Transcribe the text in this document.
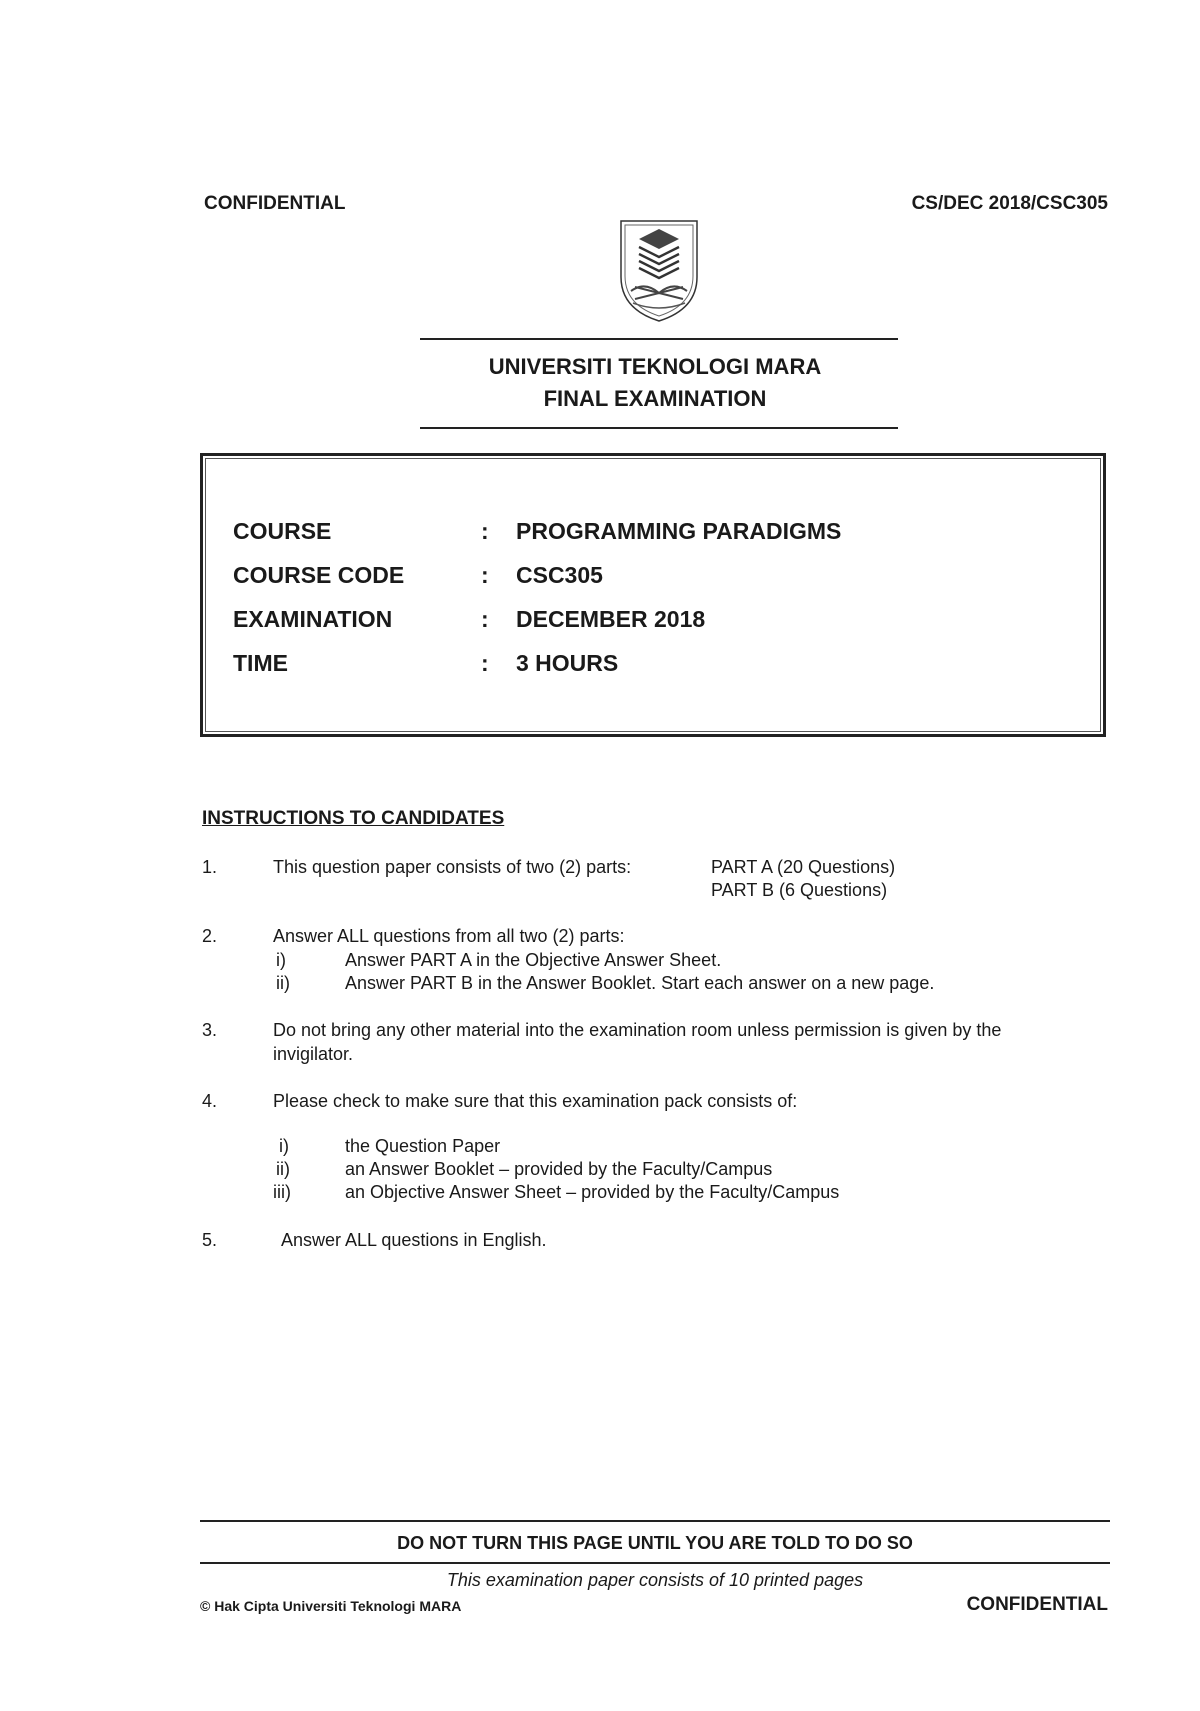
CONFIDENTIAL	CS/DEC 2018/CSC305
UNIVERSITI TEKNOLOGI MARA
FINAL EXAMINATION
COURSE	: PROGRAMMING PARADIGMS
COURSE CODE	: CSC305
EXAMINATION	: DECEMBER 2018
TIME	: 3 HOURS
INSTRUCTIONS TO CANDIDATES
1.	This question paper consists of two (2) parts:	PART A (20 Questions)
PART B (6 Questions)
2.	Answer ALL questions from all two (2) parts:
i)	Answer PART A in the Objective Answer Sheet.
ii)	Answer PART B in the Answer Booklet. Start each answer on a new page.
3.	Do not bring any other material into the examination room unless permission is given by the
invigilator.
4.	Please check to make sure that this examination pack consists of:
i)	the Question Paper
ii)	an Answer Booklet – provided by the Faculty/Campus
iii)	an Objective Answer Sheet – provided by the Faculty/Campus
5.	Answer ALL questions in English.
DO NOT TURN THIS PAGE UNTIL YOU ARE TOLD TO DO SO
This examination paper consists of 10 printed pages
© Hak Cipta Universiti Teknologi MARA	CONFIDENTIAL
